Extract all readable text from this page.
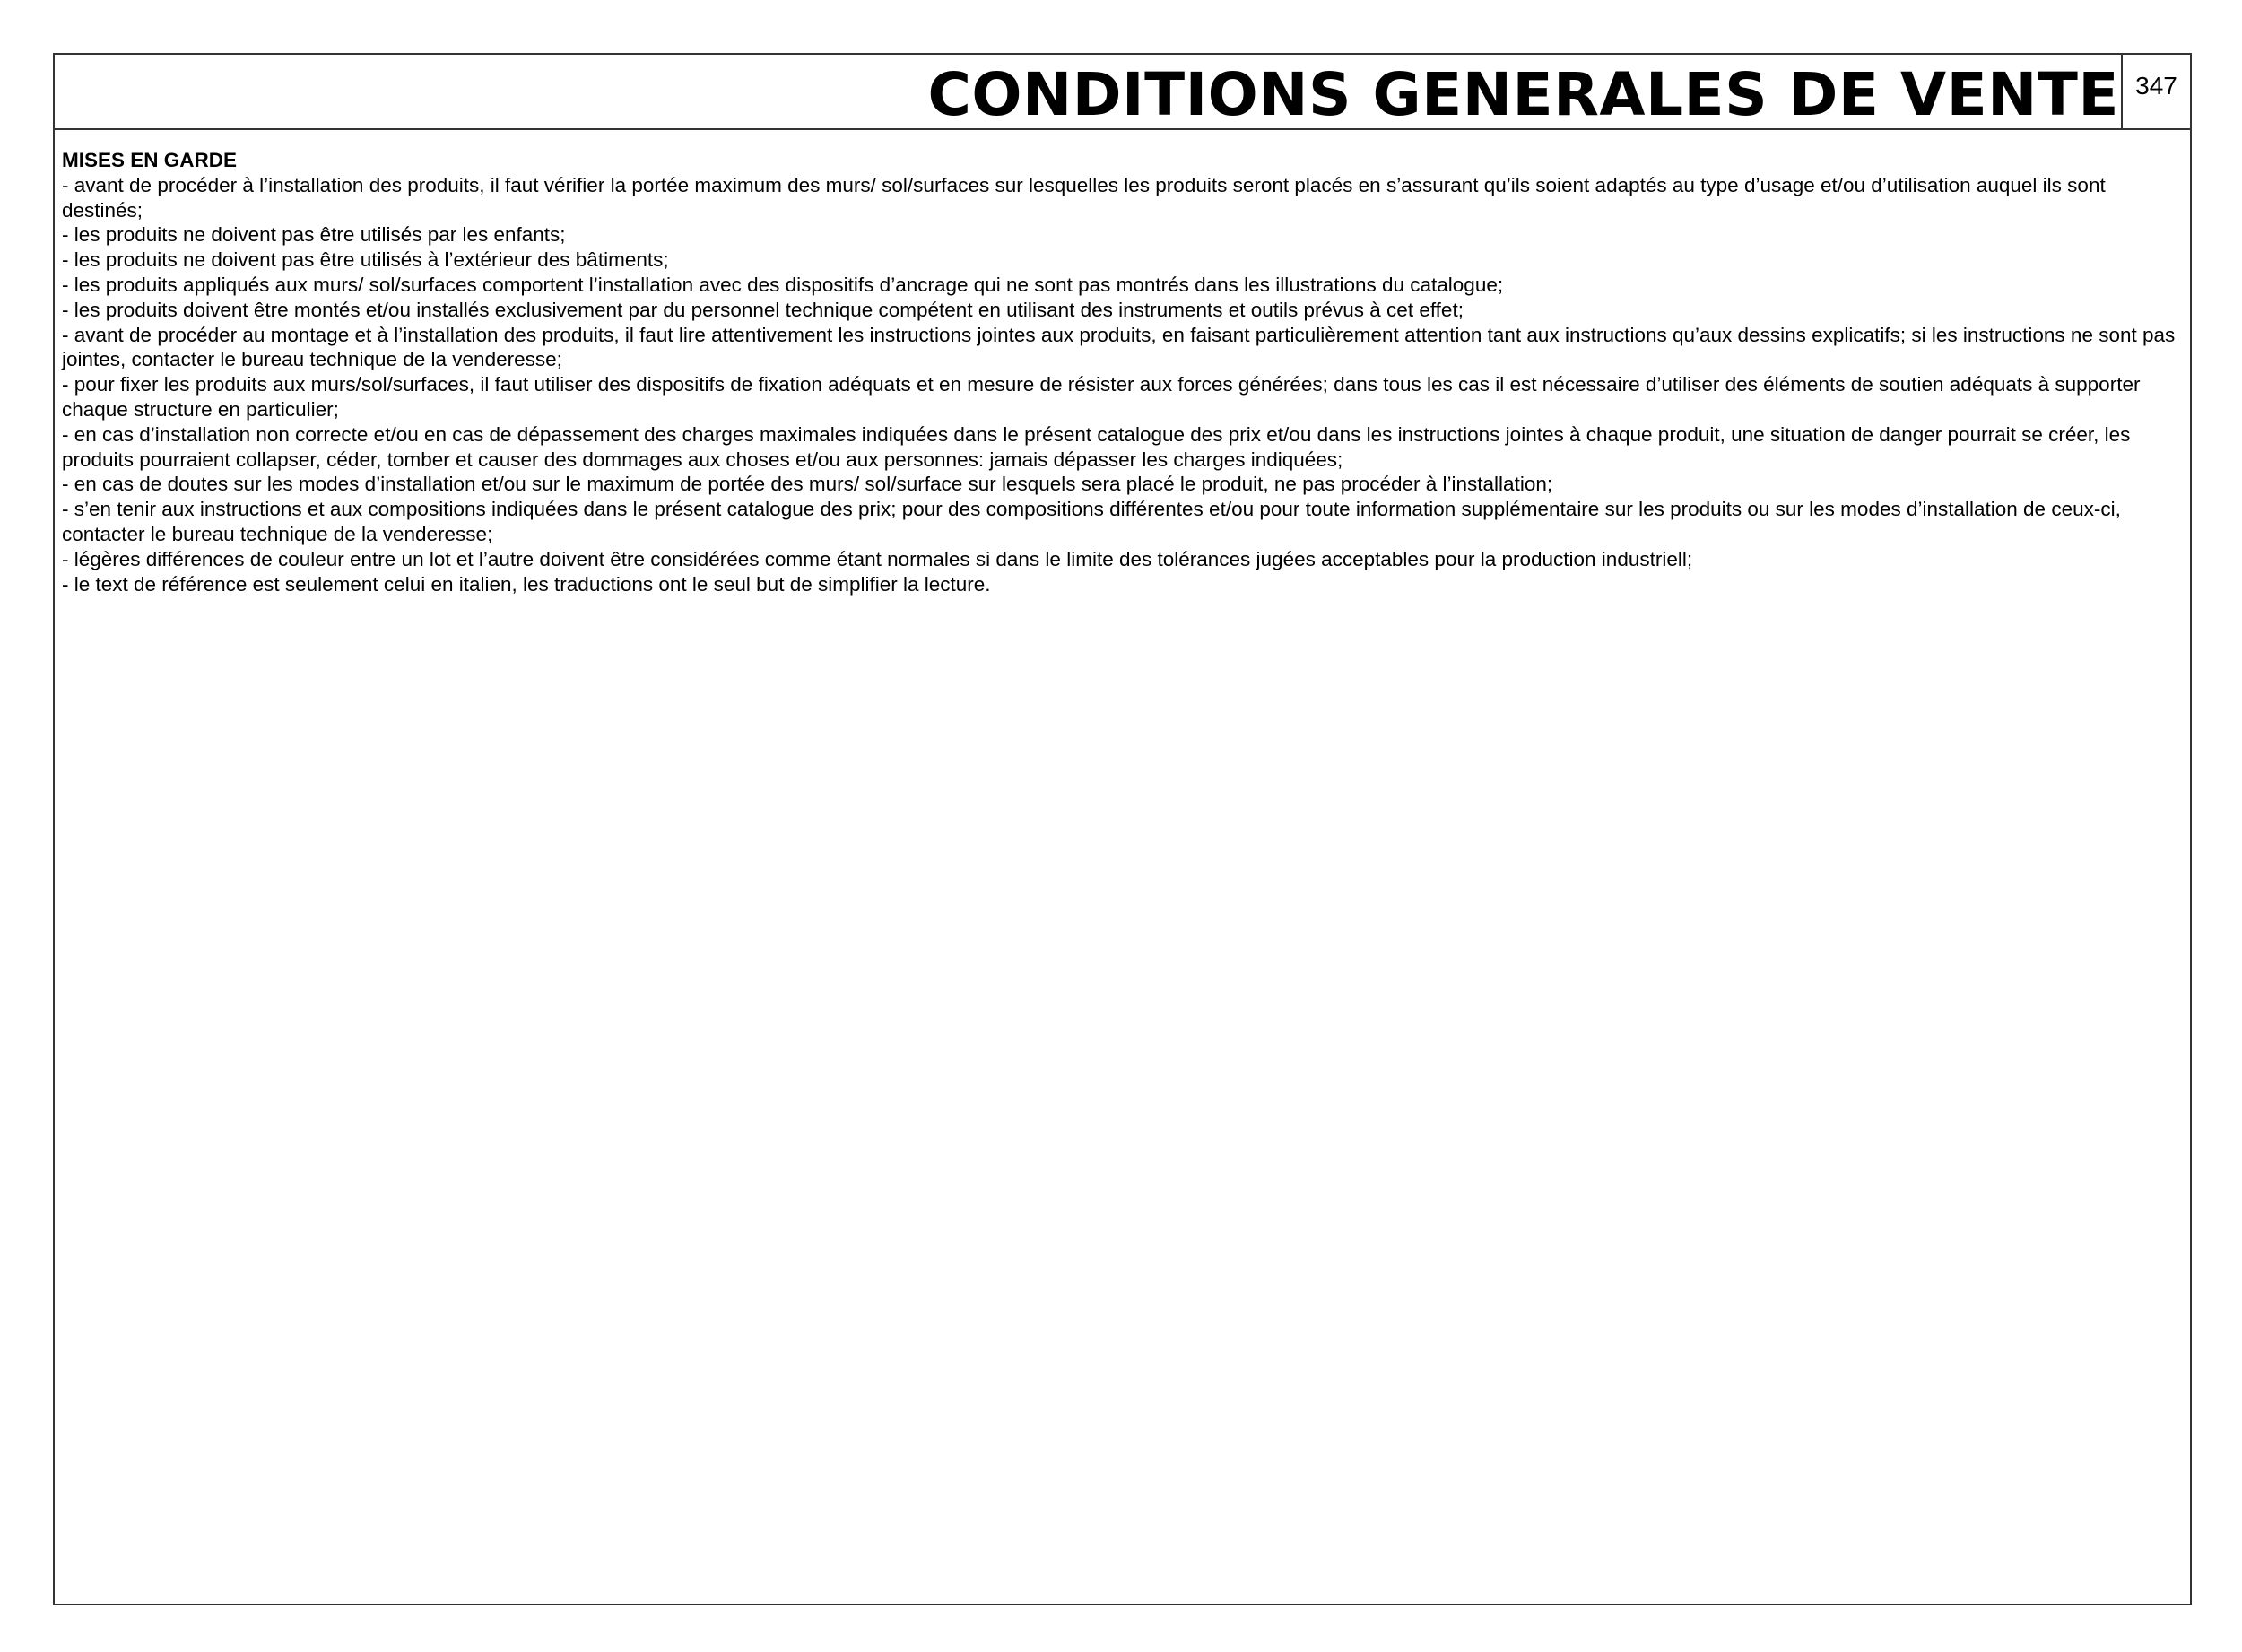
CONDITIONS GENERALES DE VENTE 347

MISES EN GARDE

- avant de procéder à l’installation des produits, il faut vérifier la portée maximum des murs/ sol/surfaces sur lesquelles les produits seront placés en s’assurant qu’ils soient adaptés au type d’usage et/ou d’utilisation auquel ils sont destinés;
- les produits ne doivent pas être utilisés par les enfants;
- les produits ne doivent pas être utilisés à l’extérieur des bâtiments;
- les produits appliqués aux murs/ sol/surfaces comportent l’installation avec des dispositifs d’ancrage qui ne sont pas montrés dans les illustrations du catalogue;
- les produits doivent être montés et/ou installés exclusivement par du personnel technique compétent en utilisant des instruments et outils prévus à cet effet;
- avant de procéder au montage et à l’installation des produits, il faut lire attentivement les instructions jointes aux produits, en faisant particulièrement attention tant aux instructions qu’aux dessins explicatifs; si les instructions ne sont pas jointes, contacter le bureau technique de la venderesse;
- pour fixer les produits aux murs/sol/surfaces, il faut utiliser des dispositifs de fixation adéquats et en mesure de résister aux forces générées; dans tous les cas il est nécessaire d’utiliser des éléments de soutien adéquats à supporter chaque structure en particulier;
- en cas d’installation non correcte et/ou en cas de dépassement des charges maximales indiquées dans le présent catalogue des prix et/ou dans les instructions jointes à chaque produit, une situation de danger pourrait se créer, les produits pourraient collapser, céder, tomber et causer des dommages aux choses et/ou aux personnes: jamais dépasser les charges indiquées;
- en cas de doutes sur les modes d’installation et/ou sur le maximum de portée des murs/ sol/surface sur lesquels sera placé le produit, ne pas procéder à l’installation;
- s’en tenir aux instructions et aux compositions indiquées dans le présent catalogue des prix; pour des compositions différentes et/ou pour toute information supplémentaire sur les produits ou sur les modes d’installation de ceux-ci, contacter le bureau technique de la venderesse;
- légères différences de couleur entre un lot et l’autre doivent être considérées comme étant normales si dans le limite des tolérances jugées acceptables pour la production industriell;
- le text de référence est seulement celui en italien, les traductions ont le seul but de simplifier la lecture.
